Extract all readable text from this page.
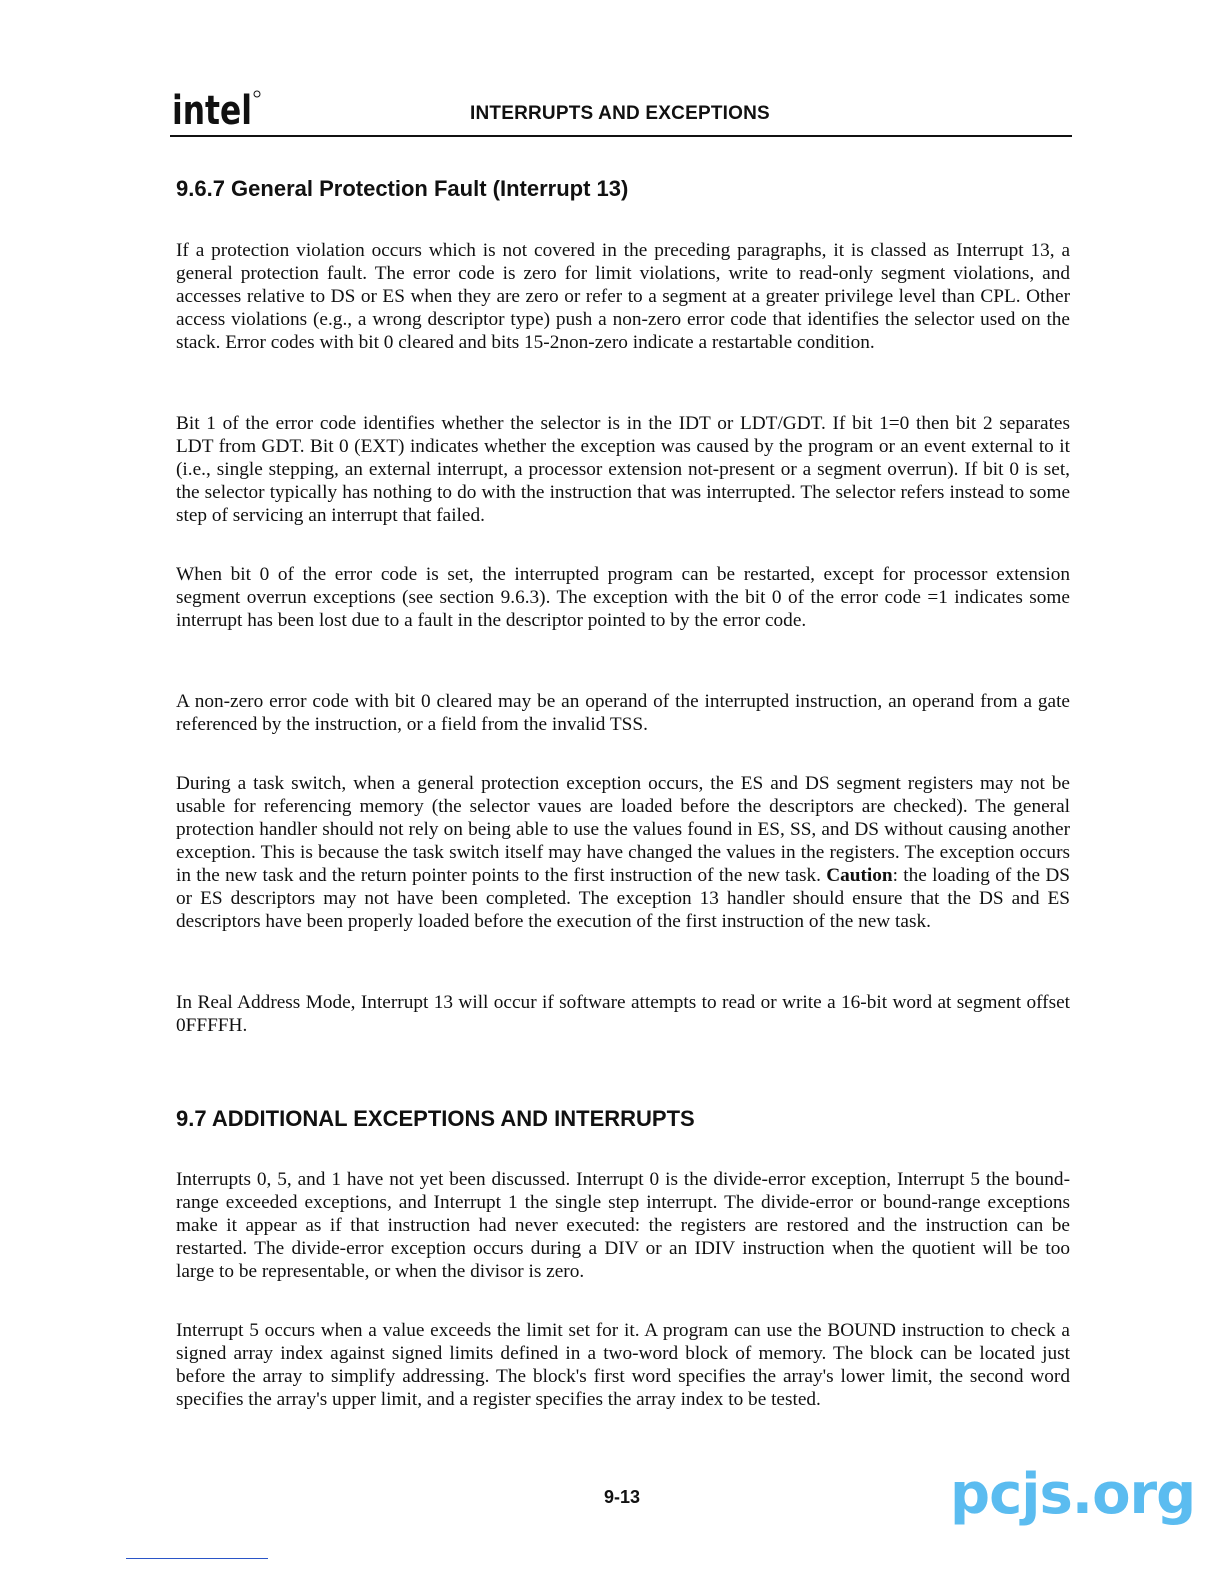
intel	INTERRUPTS AND EXCEPTIONS
9.6.7 General Protection Fault (Interrupt 13)

If a protection violation occurs which is not covered in the preceding paragraphs, it is classed as Interrupt 13, a general protection fault. The error code is zero for limit violations, write to read-only segment violations, and accesses relative to DS or ES when they are zero or refer to a segment at a greater privilege level than CPL. Other access violations (e.g., a wrong descriptor type) push a non-zero error code that identifies the selector used on the stack. Error codes with bit 0 cleared and bits 15-2non-zero indicate a restartable condition.

Bit 1 of the error code identifies whether the selector is in the IDT or LDT/GDT. If bit 1=0 then bit 2 separates LDT from GDT. Bit 0 (EXT) indicates whether the exception was caused by the program or an event external to it (i.e., single stepping, an external interrupt, a processor extension not-present or a segment overrun). If bit 0 is set, the selector typically has nothing to do with the instruction that was interrupted. The selector refers instead to some step of servicing an interrupt that failed.

When bit 0 of the error code is set, the interrupted program can be restarted, except for processor extension segment overrun exceptions (see section 9.6.3). The exception with the bit 0 of the error code =1 indicates some interrupt has been lost due to a fault in the descriptor pointed to by the error code.

A non-zero error code with bit 0 cleared may be an operand of the interrupted instruction, an operand from a gate referenced by the instruction, or a field from the invalid TSS.

During a task switch, when a general protection exception occurs, the ES and DS segment registers may not be usable for referencing memory (the selector vaues are loaded before the descriptors are checked). The general protection handler should not rely on being able to use the values found in ES, SS, and DS without causing another exception. This is because the task switch itself may have changed the values in the registers. The exception occurs in the new task and the return pointer points to the first instruction of the new task. Caution: the loading of the DS or ES descriptors may not have been completed. The exception 13 handler should ensure that the DS and ES descriptors have been properly loaded before the execution of the first instruction of the new task.

In Real Address Mode, Interrupt 13 will occur if software attempts to read or write a 16-bit word at segment offset 0FFFFH.

9.7 ADDITIONAL EXCEPTIONS AND INTERRUPTS

Interrupts 0, 5, and 1 have not yet been discussed. Interrupt 0 is the divide-error exception, Interrupt 5 the bound-range exceeded exceptions, and Interrupt 1 the single step interrupt. The divide-error or bound-range exceptions make it appear as if that instruction had never executed: the registers are restored and the instruction can be restarted. The divide-error exception occurs during a DIV or an IDIV instruction when the quotient will be too large to be representable, or when the divisor is zero.

Interrupt 5 occurs when a value exceeds the limit set for it. A program can use the BOUND instruction to check a signed array index against signed limits defined in a two-word block of memory. The block can be located just before the array to simplify addressing. The block's first word specifies the array's lower limit, the second word specifies the array's upper limit, and a register specifies the array index to be tested.

9-13	pcjs.org
